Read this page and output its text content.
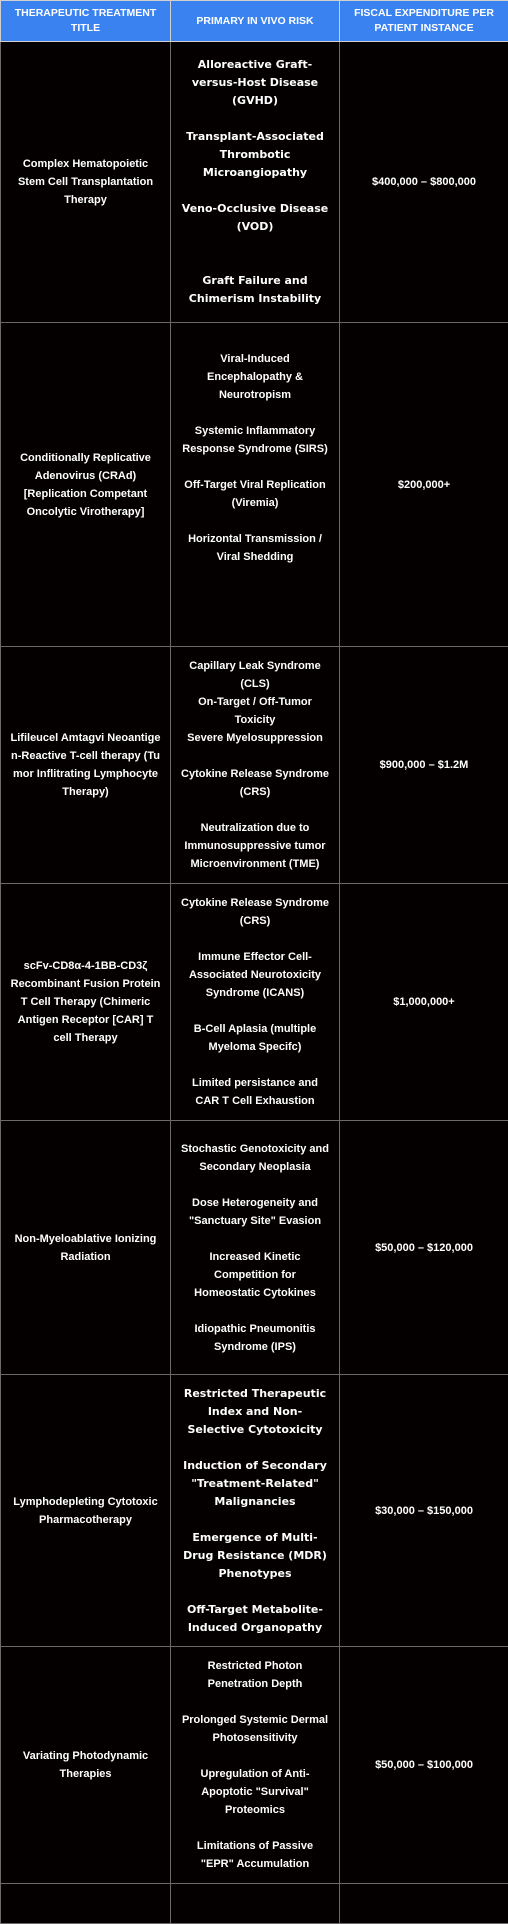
THERAPEUTIC TREATMENT TITLE	PRIMARY IN VIVO RISK	FISCAL EXPENDITURE PER PATIENT INSTANCE
Complex Hematopoietic Stem Cell Transplantation Therapy	Alloreactive Graft-versus-Host Disease (GVHD)
Transplant-Associated Thrombotic Microangiopathy
Veno-Occlusive Disease (VOD)
Graft Failure and Chimerism Instability	$400,000 – $800,000
Conditionally Replicative Adenovirus (CRAd) [Replication Competant Oncolytic Virotherapy]	Viral-Induced Encephalopathy & Neurotropism
Systemic Inflammatory Response Syndrome (SIRS)
Off-Target Viral Replication (Viremia)
Horizontal Transmission / Viral Shedding	$200,000+
Lifileucel Amtagvi Neoantigen-Reactive T-cell therapy (Tumor Inflitrating Lymphocyte Therapy)	Capillary Leak Syndrome (CLS)
On-Target / Off-Tumor Toxicity
Severe Myelosuppression
Cytokine Release Syndrome (CRS)
Neutralization due to Immunosuppressive tumor Microenvironment (TME)	$900,000 – $1.2M
scFv-CD8α-4-1BB-CD3ζ Recombinant Fusion Protein T Cell Therapy (Chimeric Antigen Receptor [CAR] T cell Therapy	Cytokine Release Syndrome (CRS)
Immune Effector Cell-Associated Neurotoxicity Syndrome (ICANS)
B-Cell Aplasia (multiple Myeloma Specifc)
Limited persistance and CAR T Cell Exhaustion	$1,000,000+
Non-Myeloablative Ionizing Radiation	Stochastic Genotoxicity and Secondary Neoplasia
Dose Heterogeneity and "Sanctuary Site" Evasion
Increased Kinetic Competition for Homeostatic Cytokines
Idiopathic Pneumonitis Syndrome (IPS)	$50,000 – $120,000
Lymphodepleting Cytotoxic Pharmacotherapy	Restricted Therapeutic Index and Non-Selective Cytotoxicity
Induction of Secondary "Treatment-Related" Malignancies
Emergence of Multi-Drug Resistance (MDR) Phenotypes
Off-Target Metabolite-Induced Organopathy	$30,000 – $150,000
Variating Photodynamic Therapies	Restricted Photon Penetration Depth
Prolonged Systemic Dermal Photosensitivity
Upregulation of Anti-Apoptotic "Survival" Proteomics
Limitations of Passive "EPR" Accumulation	$50,000 – $100,000
